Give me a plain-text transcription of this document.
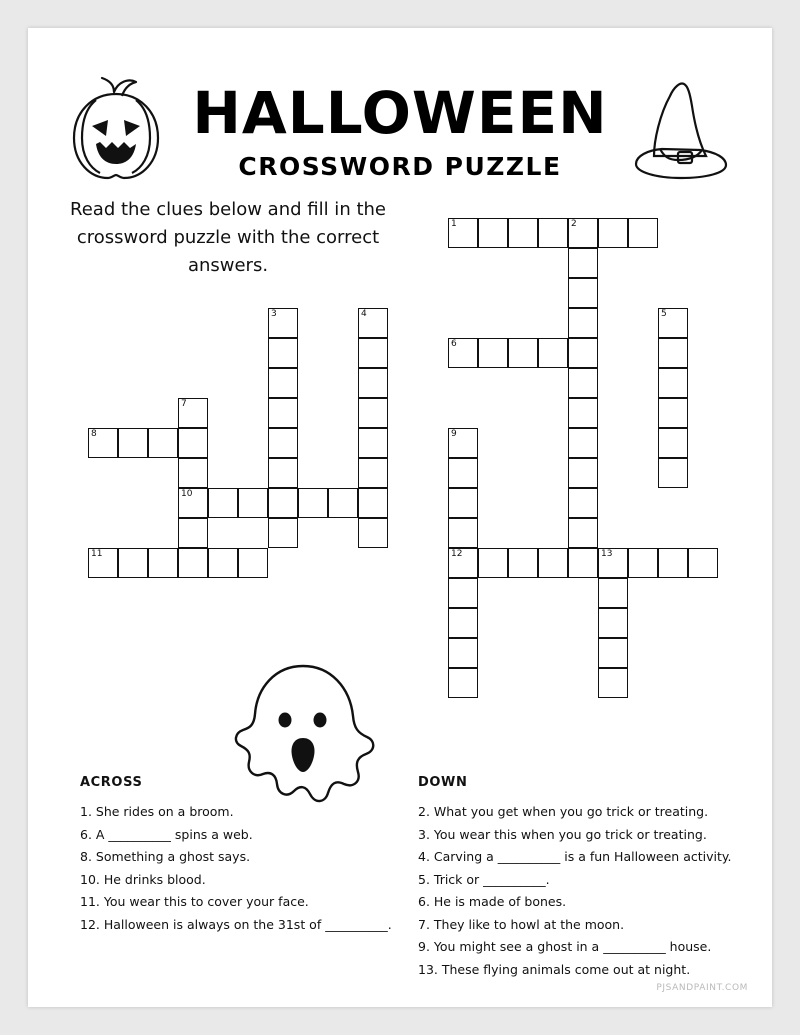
HALLOWEEN
CROSSWORD PUZZLE
Read the clues below and fill in the crossword puzzle with the correct answers.
1	2
3	4	5
6
7
8	9
10
11	12	13
ACROSS
1. She rides on a broom.
6. A __________ spins a web.
8. Something a ghost says.
10. He drinks blood.
11. You wear this to cover your face.
12. Halloween is always on the 31st of __________.
DOWN
2. What you get when you go trick or treating.
3. You wear this when you go trick or treating.
4. Carving a __________ is a fun Halloween activity.
5. Trick or __________.
6. He is made of bones.
7. They like to howl at the moon.
9. You might see a ghost in a __________ house.
13. These flying animals come out at night.
PJSANDPAINT.COM
